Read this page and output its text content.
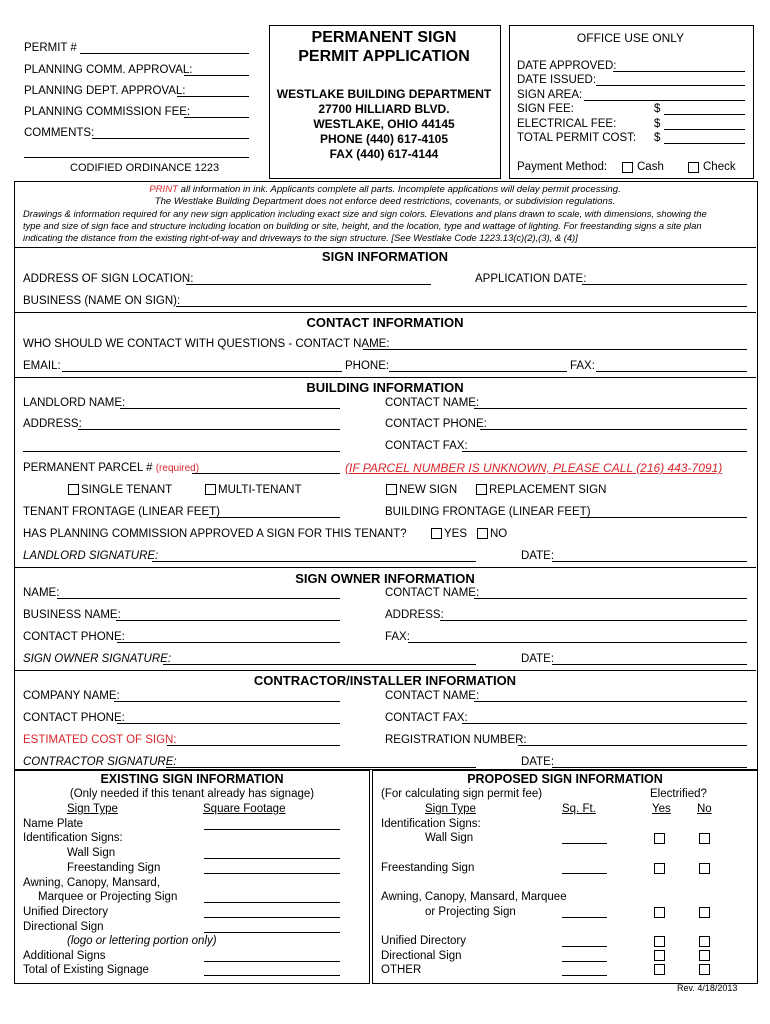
PERMIT #
PLANNING COMM. APPROVAL:
PLANNING DEPT. APPROVAL:
PLANNING COMMISSION FEE:
COMMENTS:
CODIFIED ORDINANCE 1223
PERMANENT SIGN
PERMIT APPLICATION
WESTLAKE BUILDING DEPARTMENT
27700 HILLIARD BLVD.
WESTLAKE, OHIO 44145
PHONE (440) 617-4105
FAX (440) 617-4144
OFFICE USE ONLY
DATE APPROVED:
DATE ISSUED:
SIGN AREA:
SIGN FEE:	$
ELECTRICAL FEE:	$
TOTAL PERMIT COST: $
Payment Method:	Cash	Check
PRINT all information in ink. Applicants complete all parts. Incomplete applications will delay permit processing.
The Westlake Building Department does not enforce deed restrictions, covenants, or subdivision regulations.
Drawings & information required for any new sign application including exact size and sign colors. Elevations and plans drawn to scale, with dimensions, showing the
type and size of sign face and structure including location on building or site, height, and the location, type and wattage of lighting. For freestanding signs a site plan
indicating the distance from the existing right-of-way and driveways to the sign structure. [See Westlake Code 1223.13(c)(2),(3), & (4)]
SIGN INFORMATION
ADDRESS OF SIGN LOCATION:	APPLICATION DATE:
BUSINESS (NAME ON SIGN):
CONTACT INFORMATION
WHO SHOULD WE CONTACT WITH QUESTIONS - CONTACT NAME:
EMAIL:	PHONE:	FAX:
BUILDING INFORMATION
LANDLORD NAME:	CONTACT NAME:
ADDRESS:	CONTACT PHONE:
CONTACT FAX:
PERMANENT PARCEL # (required)	(IF PARCEL NUMBER IS UNKNOWN, PLEASE CALL (216) 443-7091)
SINGLE TENANT	MULTI-TENANT	NEW SIGN	REPLACEMENT SIGN
TENANT FRONTAGE (LINEAR FEET)	BUILDING FRONTAGE (LINEAR FEET)
HAS PLANNING COMMISSION APPROVED A SIGN FOR THIS TENANT?	YES NO
LANDLORD SIGNATURE:	DATE:
SIGN OWNER INFORMATION
NAME:	CONTACT NAME:
BUSINESS NAME:	ADDRESS:
CONTACT PHONE:	FAX:
SIGN OWNER SIGNATURE:	DATE:
CONTRACTOR/INSTALLER INFORMATION
COMPANY NAME:	CONTACT NAME:
CONTACT PHONE:	CONTACT FAX:
ESTIMATED COST OF SIGN:	REGISTRATION NUMBER:
CONTRACTOR SIGNATURE:	DATE:
EXISTING SIGN INFORMATION
(Only needed if this tenant already has signage)
Sign Type	Square Footage
Name Plate
Identification Signs:
Wall Sign
Freestanding Sign
Awning, Canopy, Mansard,
Marquee or Projecting Sign
Unified Directory
Directional Sign
(logo or lettering portion only)
Additional Signs
Total of Existing Signage
PROPOSED SIGN INFORMATION
(For calculating sign permit fee)	Electrified?
Sign Type	Sq. Ft.	Yes No
Identification Signs:
Wall Sign
Freestanding Sign
Awning, Canopy, Mansard, Marquee
or Projecting Sign
Unified Directory
Directional Sign
OTHER
Rev. 4/18/2013
